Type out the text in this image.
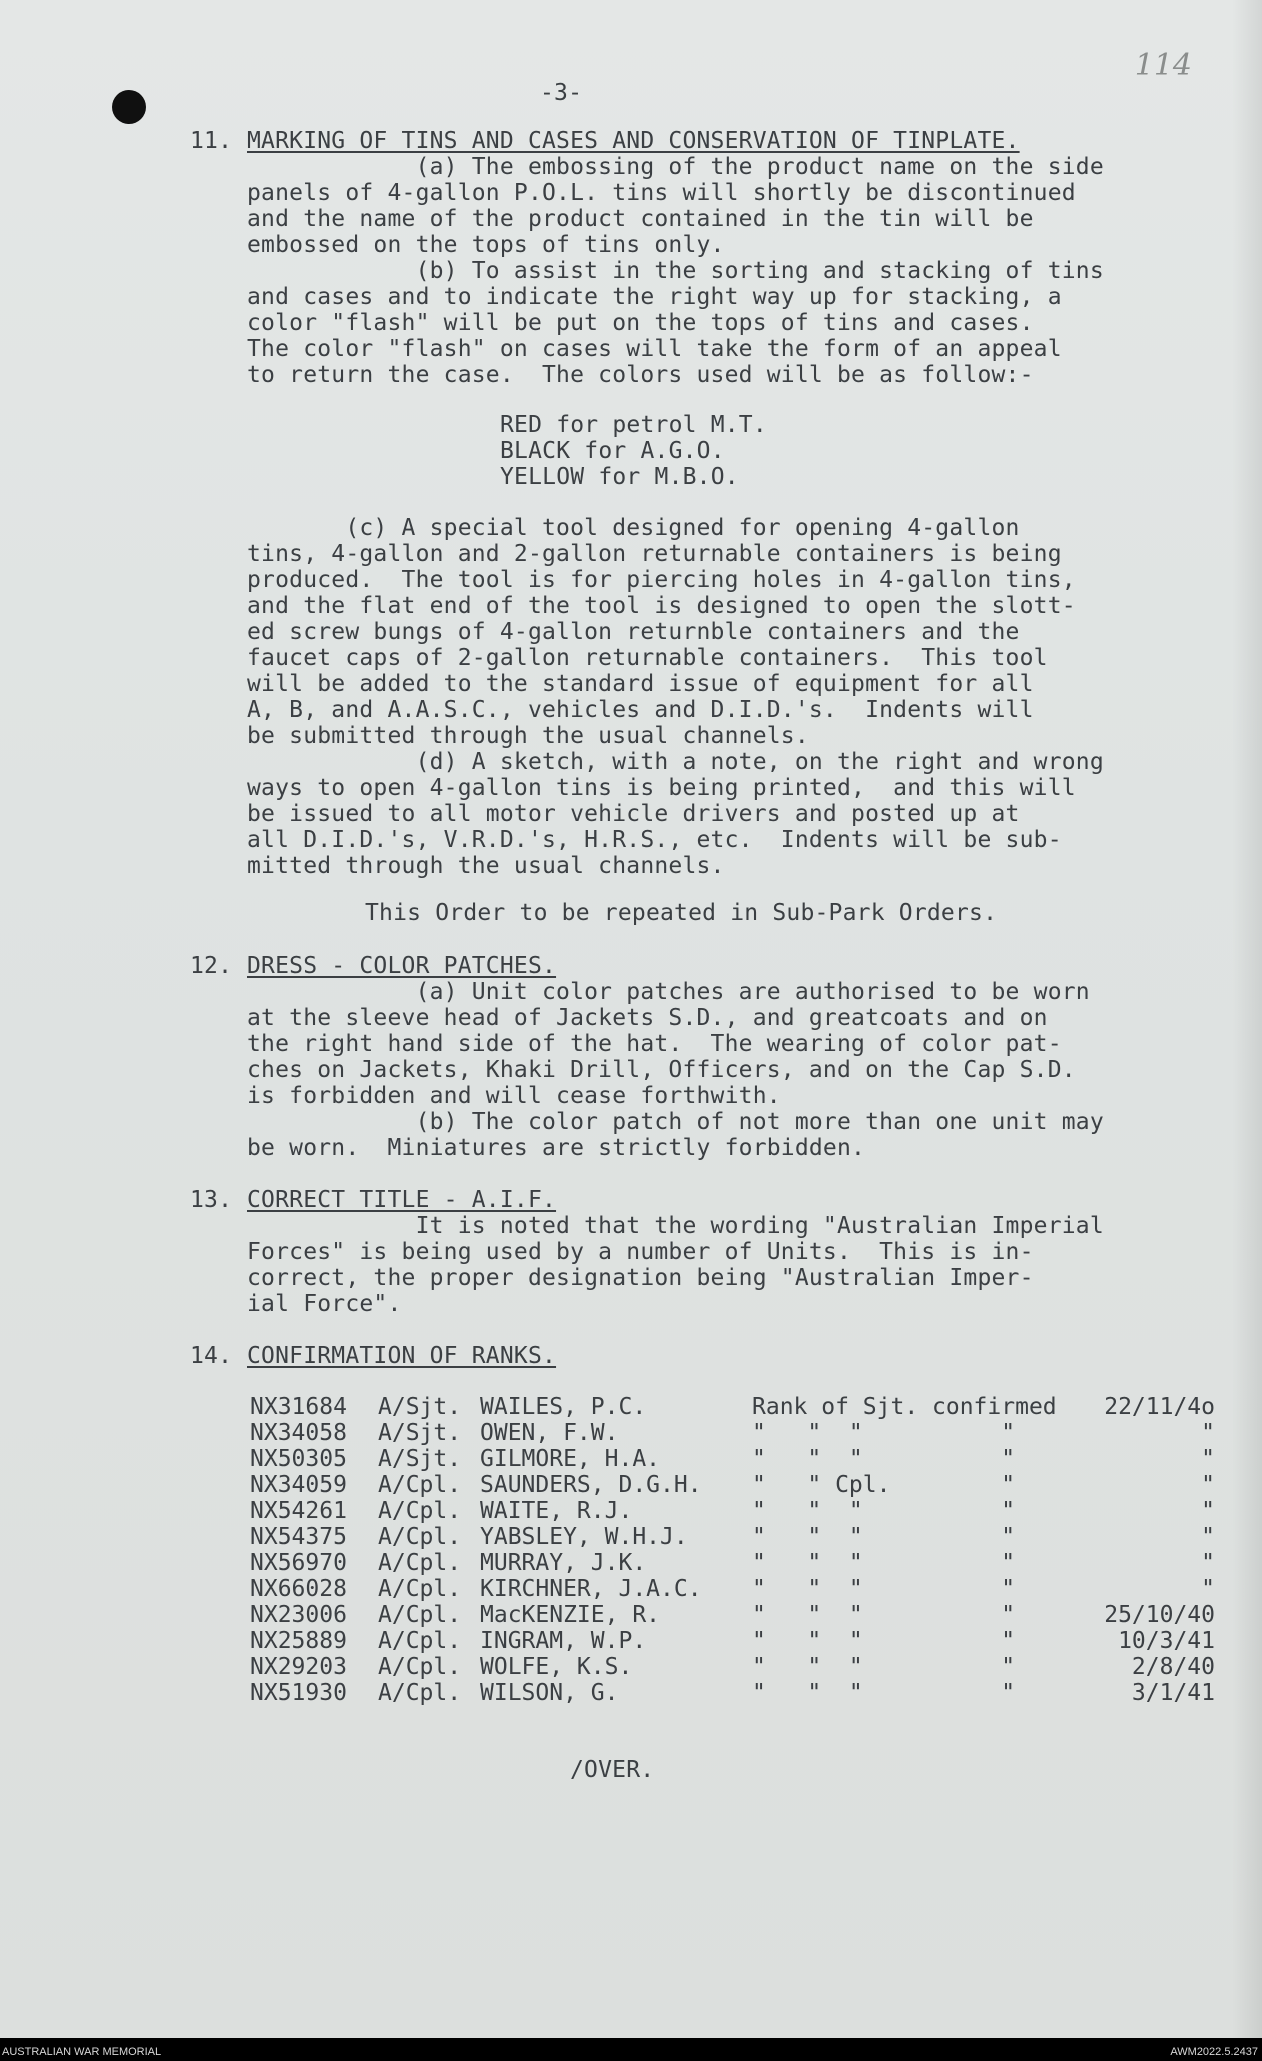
114
-3-
11. MARKING OF TINS AND CASES AND CONSERVATION OF TINPLATE.
(a) The embossing of the product name on the side
panels of 4-gallon P.O.L. tins will shortly be discontinued
and the name of the product contained in the tin will be
embossed on the tops of tins only.
(b) To assist in the sorting and stacking of tins
and cases and to indicate the right way up for stacking, a
color "flash" will be put on the tops of tins and cases.
The color "flash" on cases will take the form of an appeal
to return the case.  The colors used will be as follow:-
RED for petrol M.T.
BLACK for A.G.O.
YELLOW for M.B.O.
(c) A special tool designed for opening 4-gallon
tins, 4-gallon and 2-gallon returnable containers is being
produced.  The tool is for piercing holes in 4-gallon tins,
and the flat end of the tool is designed to open the slott-
ed screw bungs of 4-gallon returnble containers and the
faucet caps of 2-gallon returnable containers.  This tool
will be added to the standard issue of equipment for all
A, B, and A.A.S.C., vehicles and D.I.D.'s.  Indents will
be submitted through the usual channels.
(d) A sketch, with a note, on the right and wrong
ways to open 4-gallon tins is being printed,  and this will
be issued to all motor vehicle drivers and posted up at
all D.I.D.'s, V.R.D.'s, H.R.S., etc.  Indents will be sub-
mitted through the usual channels.
This Order to be repeated in Sub-Park Orders.
12. DRESS - COLOR PATCHES.
(a) Unit color patches are authorised to be worn
at the sleeve head of Jackets S.D., and greatcoats and on
the right hand side of the hat.  The wearing of color pat-
ches on Jackets, Khaki Drill, Officers, and on the Cap S.D.
is forbidden and will cease forthwith.
(b) The color patch of not more than one unit may
be worn.  Miniatures are strictly forbidden.
13. CORRECT TITLE - A.I.F.
It is noted that the wording "Australian Imperial
Forces" is being used by a number of Units.  This is in-
correct, the proper designation being "Australian Imper-
ial Force".
14. CONFIRMATION OF RANKS.
NX31684 A/Sjt. WAILES, P.C.	Rank of Sjt. confirmed 22/11/4o
NX34058 A/Sjt. OWEN, F.W.	"   "  "          "	"
NX50305 A/Sjt. GILMORE, H.A.	"   "  "          "	"
NX34059 A/Cpl. SAUNDERS, D.G.H. "   " Cpl.        "	"
NX54261 A/Cpl. WAITE, R.J.	"   "  "          "	"
NX54375 A/Cpl. YABSLEY, W.H.J.	"   "  "          "	"
NX56970 A/Cpl. MURRAY, J.K.	"   "  "          "	"
NX66028 A/Cpl. KIRCHNER, J.A.C. "   "  "          "	"
NX23006 A/Cpl. MacKENZIE, R.	"   "  "          "	25/10/40
NX25889 A/Cpl. INGRAM, W.P.	"   "  "          "	10/3/41
NX29203 A/Cpl. WOLFE, K.S.	"   "  "          "	2/8/40
NX51930 A/Cpl. WILSON, G.	"   "  "          "	3/1/41
/OVER.
AUSTRALIAN WAR MEMORIAL	AWM2022.5.2437
